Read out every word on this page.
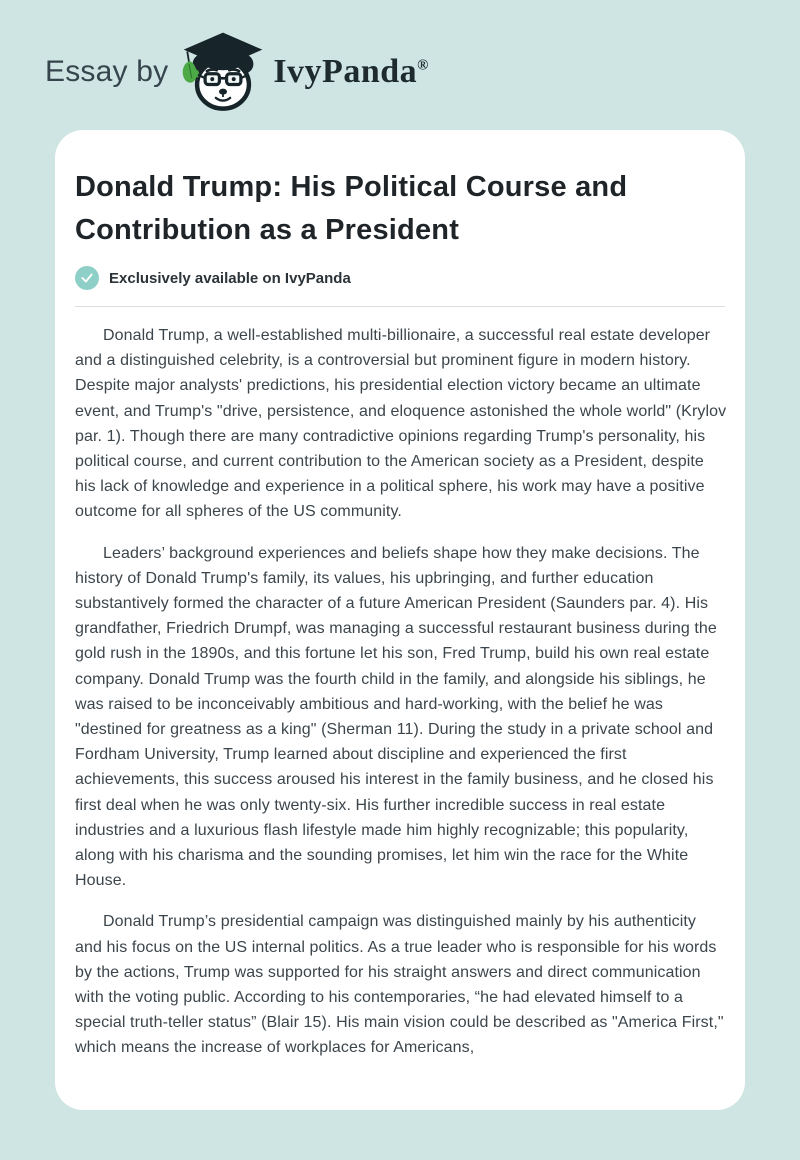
Essay by	IvyPanda®
Donald Trump: His Political Course and Contribution as a President
Exclusively available on IvyPanda

Donald Trump, a well-established multi-billionaire, a successful real estate developer and a distinguished celebrity, is a controversial but prominent figure in modern history. Despite major analysts' predictions, his presidential election victory became an ultimate event, and Trump's "drive, persistence, and eloquence astonished the whole world" (Krylov par. 1). Though there are many contradictive opinions regarding Trump's personality, his political course, and current contribution to the American society as a President, despite his lack of knowledge and experience in a political sphere, his work may have a positive outcome for all spheres of the US community.

Leaders’ background experiences and beliefs shape how they make decisions. The history of Donald Trump's family, its values, his upbringing, and further education substantively formed the character of a future American President (Saunders par. 4). His grandfather, Friedrich Drumpf, was managing a successful restaurant business during the gold rush in the 1890s, and this fortune let his son, Fred Trump, build his own real estate company. Donald Trump was the fourth child in the family, and alongside his siblings, he was raised to be inconceivably ambitious and hard-working, with the belief he was "destined for greatness as a king" (Sherman 11). During the study in a private school and Fordham University, Trump learned about discipline and experienced the first achievements, this success aroused his interest in the family business, and he closed his first deal when he was only twenty-six. His further incredible success in real estate industries and a luxurious flash lifestyle made him highly recognizable; this popularity, along with his charisma and the sounding promises, let him win the race for the White House.

Donald Trump’s presidential campaign was distinguished mainly by his authenticity and his focus on the US internal politics. As a true leader who is responsible for his words by the actions, Trump was supported for his straight answers and direct communication with the voting public. According to his contemporaries, “he had elevated himself to a special truth-teller status” (Blair 15). His main vision could be described as "America First," which means the increase of workplaces for Americans,
